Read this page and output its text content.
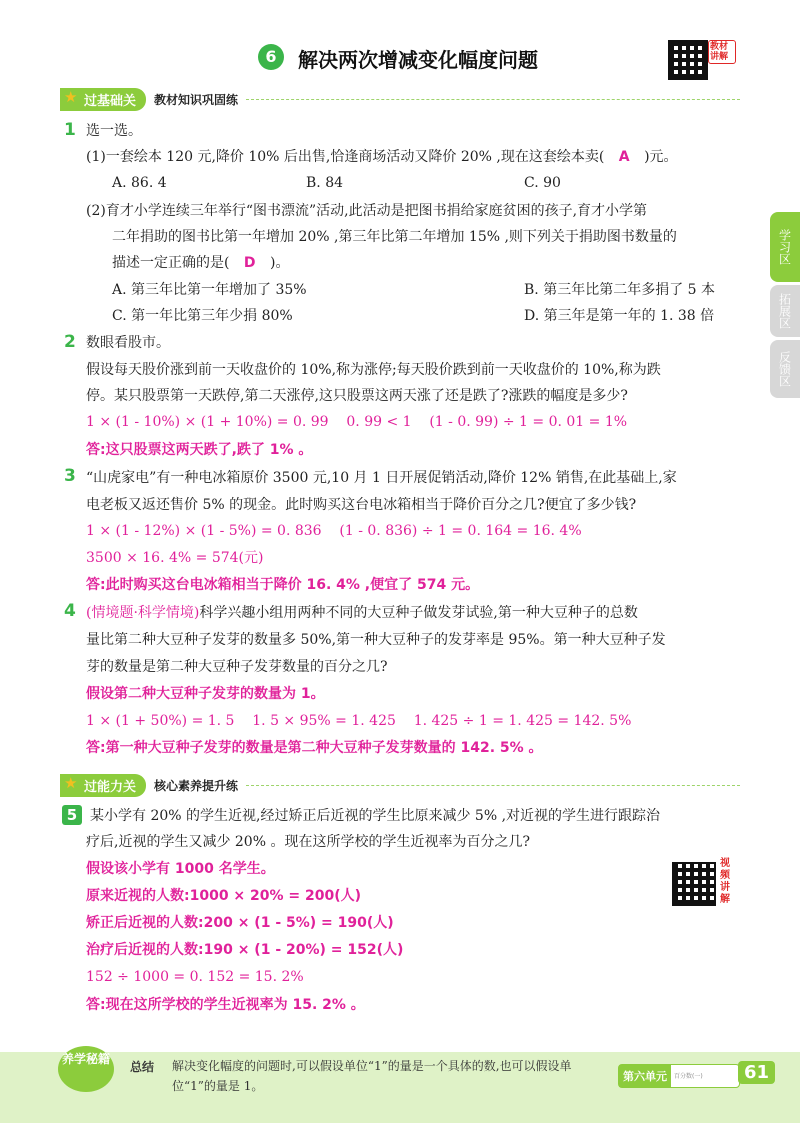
6	解决两次增减变化幅度问题
教材讲解
★ 过基础关	教材知识巩固练
1 选一选。
(1)一套绘本 120 元,降价 10% 后出售,恰逢商场活动又降价 20% ,现在这套绘本卖( A )元。
A. 86. 4	B. 84	C. 90
(2)育才小学连续三年举行“图书漂流”活动,此活动是把图书捐给家庭贫困的孩子,育才小学第
二年捐助的图书比第一年增加 20% ,第三年比第二年增加 15% ,则下列关于捐助图书数量的
描述一定正确的是( D )。
A. 第三年比第一年增加了 35%	B. 第三年比第二年多捐了 5 本
C. 第一年比第三年少捐 80%	D. 第三年是第一年的 1. 38 倍
2 数眼看股市。
假设每天股价涨到前一天收盘价的 10%,称为涨停;每天股价跌到前一天收盘价的 10%,称为跌
停。某只股票第一天跌停,第二天涨停,这只股票这两天涨了还是跌了?涨跌的幅度是多少?
1 × (1 - 10%) × (1 + 10%) = 0. 99    0. 99 < 1    (1 - 0. 99) ÷ 1 = 0. 01 = 1%
答:这只股票这两天跌了,跌了 1% 。
3 “山虎家电”有一种电冰箱原价 3500 元,10 月 1 日开展促销活动,降价 12% 销售,在此基础上,家
电老板又返还售价 5% 的现金。此时购买这台电冰箱相当于降价百分之几?便宜了多少钱?
1 × (1 - 12%) × (1 - 5%) = 0. 836    (1 - 0. 836) ÷ 1 = 0. 164 = 16. 4%
3500 × 16. 4% = 574(元)
答:此时购买这台电冰箱相当于降价 16. 4% ,便宜了 574 元。
4 (情境题·科学情境)科学兴趣小组用两种不同的大豆种子做发芽试验,第一种大豆种子的总数
量比第二种大豆种子发芽的数量多 50%,第一种大豆种子的发芽率是 95%。第一种大豆种子发
芽的数量是第二种大豆种子发芽数量的百分之几?
假设第二种大豆种子发芽的数量为 1。
1 × (1 + 50%) = 1. 5    1. 5 × 95% = 1. 425    1. 425 ÷ 1 = 1. 425 = 142. 5%
答:第一种大豆种子发芽的数量是第二种大豆种子发芽数量的 142. 5% 。
★ 过能力关	核心素养提升练
5 某小学有 20% 的学生近视,经过矫正后近视的学生比原来减少 5% ,对近视的学生进行跟踪治
疗后,近视的学生又减少 20% 。现在这所学校的学生近视率为百分之几?
假设该小学有 1000 名学生。
原来近视的人数:1000 × 20% = 200(人)
矫正后近视的人数:200 × (1 - 5%) = 190(人)
治疗后近视的人数:190 × (1 - 20%) = 152(人)
152 ÷ 1000 = 0. 152 = 15. 2%
答:现在这所学校的学生近视率为 15. 2% 。
视频讲解
学习区
拓展区
反馈区
养学秘籍
总结 解决变化幅度的问题时,可以假设单位“1”的量是一个具体的数,也可以假设单位“1”的量是 1。
第六单元	百分数(一)	61
